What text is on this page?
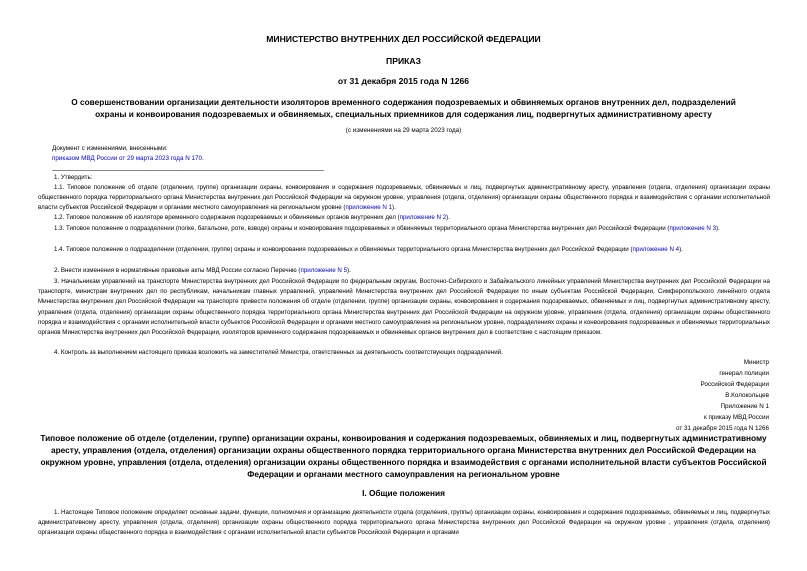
МИНИСТЕРСТВО ВНУТРЕННИХ ДЕЛ РОССИЙСКОЙ ФЕДЕРАЦИИ
ПРИКАЗ
от 31 декабря 2015 года N 1266
О совершенствовании организации деятельности изоляторов временного содержания подозреваемых и обвиняемых органов внутренних дел, подразделений
охраны и конвоирования подозреваемых и обвиняемых, специальных приемников для содержания лиц, подвергнутых административному аресту
(с изменениями на 29 марта 2023 года)
Документ с изменениями, внесенными:
приказом МВД России от 29 марта 2023 года N 170.
1. Утвердить:
1.1. Типовое положение об отделе (отделении, группе) организации охраны, конвоирования и содержания подозреваемых, обвиняемых и лиц, подвергнутых административному аресту, управления (отдела, отделения) организации охраны общественного порядка территориального органа Министерства внутренних дел Российской Федерации на окружном уровне, управления (отдела, отделения) организации охраны общественного порядка и взаимодействия с органами исполнительной власти субъектов Российской Федерации и органами местного самоуправления на региональном уровне (приложение N 1).
1.2. Типовое положение об изоляторе временного содержания подозреваемых и обвиняемых органов внутренних дел (приложение N 2).
1.3. Типовое положение о подразделении (полке, батальоне, роте, взводе) охраны и конвоирования подозреваемых и обвиняемых территориального органа Министерства внутренних дел Российской Федерации (приложение N 3).
1.4. Типовое положение о подразделении (отделении, группе) охраны и конвоирования подозреваемых и обвиняемых территориального органа Министерства внутренних дел Российской Федерации (приложение N 4).
2. Внести изменения в нормативные правовые акты МВД России согласно Перечню (приложение N 5).
3. Начальникам управлений на транспорте Министерства внутренних дел Российской Федерации по федеральным округам, Восточно-Сибирского и Забайкальского линейных управлений Министерства внутренних дел Российской Федерации на транспорте, министрам внутренних дел по республикам, начальникам главных управлений, управлений Министерства внутренних дел Российской Федерации по иным субъектам Российской Федерации, Симферопольского линейного отдела Министерства внутренних дел Российской Федерации на транспорте привести положения об отделе (отделении, группе) организации охраны, конвоирования и содержания подозреваемых, обвиняемых и лиц, подвергнутых административному аресту, управления (отдела, отделения) организации охраны общественного порядка территориального органа Министерства внутренних дел Российской Федерации на окружном уровне, управления (отдела, отделения) организации охраны общественного порядка и взаимодействия с органами исполнительной власти субъектов Российской Федерации и органами местного самоуправления на региональном уровне, подразделениях охраны и конвоирования подозреваемых и обвиняемых территориальных органов Министерства внутренних дел Российской Федерации, изоляторов временного содержания подозреваемых и обвиняемых органов внутренних дел в соответствие с настоящим приказом.
4. Контроль за выполнением настоящего приказа возложить на заместителей Министра, ответственных за деятельность соответствующих подразделений.
Министр
генерал полиции
Российской Федерации
В.Колокольцев
Приложение N 1
к приказу МВД России
от 31 декабря 2015 года N 1266
Типовое положение об отделе (отделении, группе) организации охраны, конвоирования и содержания подозреваемых, обвиняемых и лиц, подвергнутых административному аресту, управления (отдела, отделения) организации охраны общественного порядка территориального органа Министерства внутренних дел Российской Федерации на окружном уровне, управления (отдела, отделения) организации охраны общественного порядка и взаимодействия с органами исполнительной власти субъектов Российской Федерации и органами местного самоуправления на региональном уровне
I. Общие положения
1. Настоящее Типовое положение определяет основные задачи, функции, полномочия и организацию деятельности отдела (отделения, группы) организации охраны, конвоирования и содержания подозреваемых, обвиняемых и лиц, подвергнутых административному аресту, управления (отдела, отделения) организации охраны общественного порядка территориального органа Министерства внутренних дел Российской Федерации на окружном уровне , управления (отдела, отделения) организации охраны общественного порядка и взаимодействия с органами исполнительной власти субъектов Российской Федерации и органами
